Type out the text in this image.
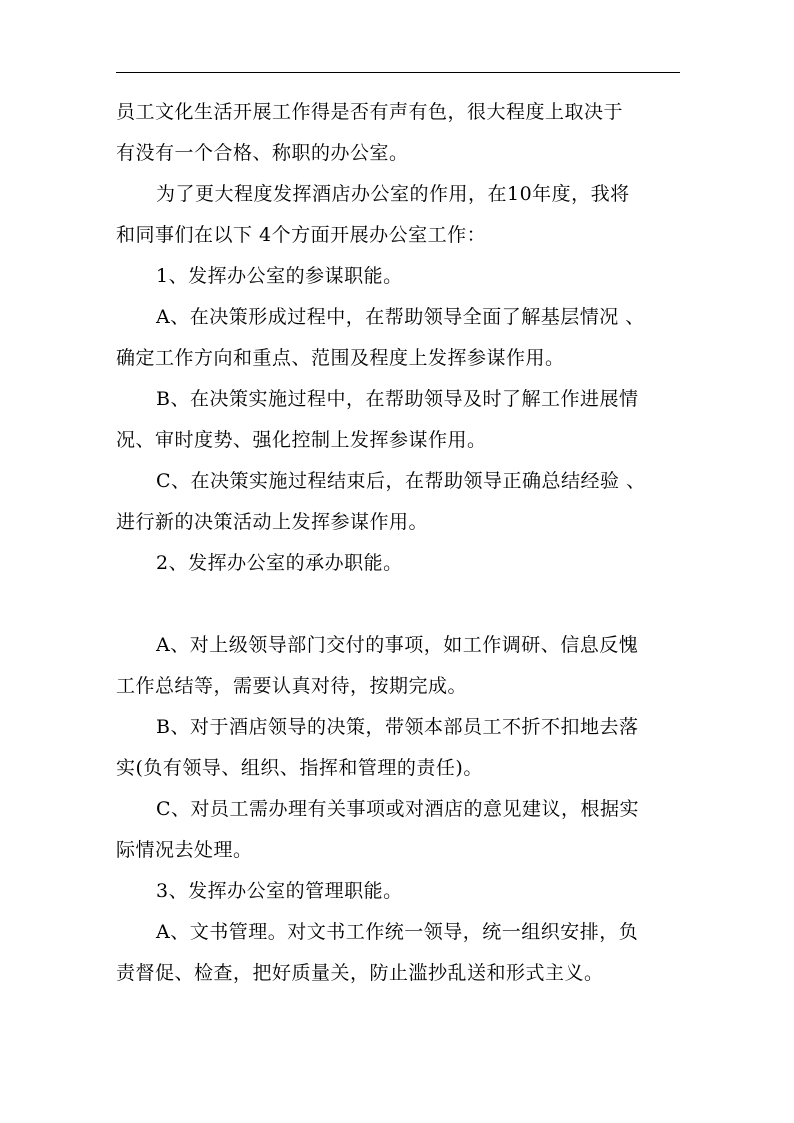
员工文化生活开展工作得是否有声有色，很大程度上取决于

有没有一个合格、称职的办公室。

为了更大程度发挥酒店办公室的作用，在10年度，我将

和同事们在以下 4个方面开展办公室工作：

1、发挥办公室的参谋职能。

A、在决策形成过程中，在帮助领导全面了解基层情况 、

确定工作方向和重点、范围及程度上发挥参谋作用。

B、在决策实施过程中，在帮助领导及时了解工作进展情

况、审时度势、强化控制上发挥参谋作用。

C、在决策实施过程结束后，在帮助领导正确总结经验 、

进行新的决策活动上发挥参谋作用。

2、发挥办公室的承办职能。

A、对上级领导部门交付的事项，如工作调研、信息反愧

工作总结等，需要认真对待，按期完成。

B、对于酒店领导的决策，带领本部员工不折不扣地去落

实(负有领导、组织、指挥和管理的责任)。

C、对员工需办理有关事项或对酒店的意见建议，根据实

际情况去处理。

3、发挥办公室的管理职能。

A、文书管理。对文书工作统一领导，统一组织安排，负

责督促、检查，把好质量关，防止滥抄乱送和形式主义。
